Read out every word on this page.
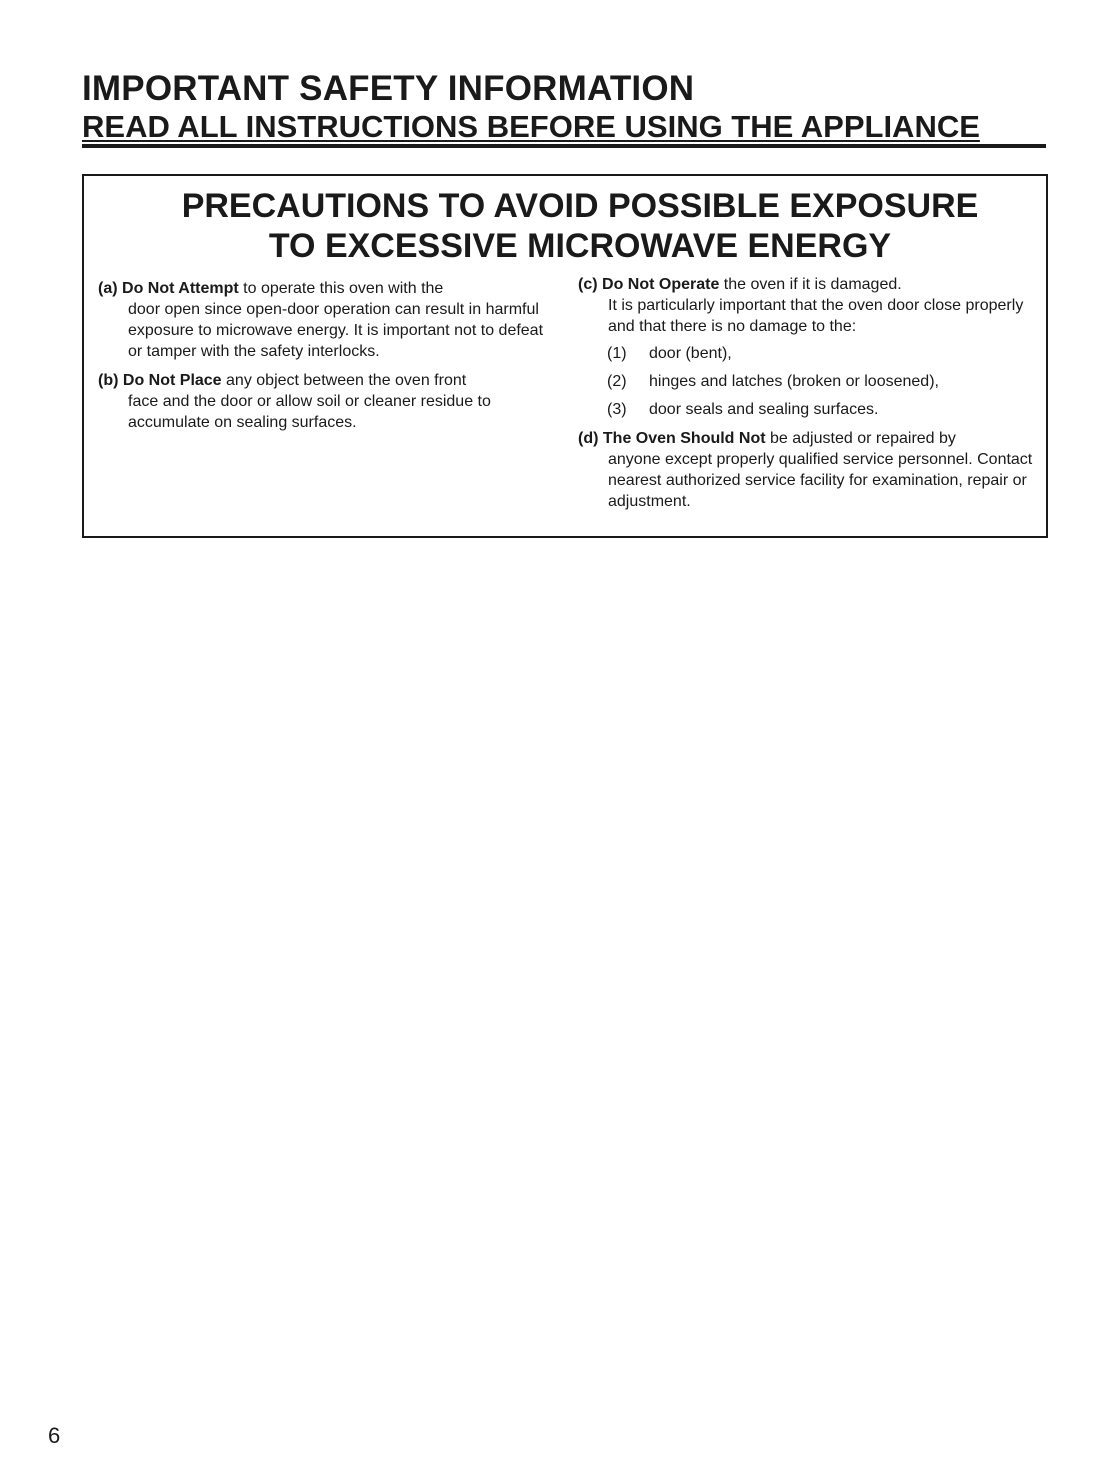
IMPORTANT SAFETY INFORMATION
READ ALL INSTRUCTIONS BEFORE USING THE APPLIANCE
PRECAUTIONS TO AVOID POSSIBLE EXPOSURE
TO EXCESSIVE MICROWAVE ENERGY
(a) Do Not Attempt to operate this oven with the
door open since open-door operation can result in harmful exposure to microwave energy. It is important not to defeat or tamper with the safety interlocks.
(b) Do Not Place any object between the oven front
face and the door or allow soil or cleaner residue to accumulate on sealing surfaces.
(c) Do Not Operate the oven if it is damaged.
It is particularly important that the oven door close properly and that there is no damage to the:
(1)	door (bent),
(2)	hinges and latches (broken or loosened),
(3)	door seals and sealing surfaces.
(d) The Oven Should Not be adjusted or repaired by
anyone except properly qualified service personnel. Contact nearest authorized service facility for examination, repair or adjustment.
6
